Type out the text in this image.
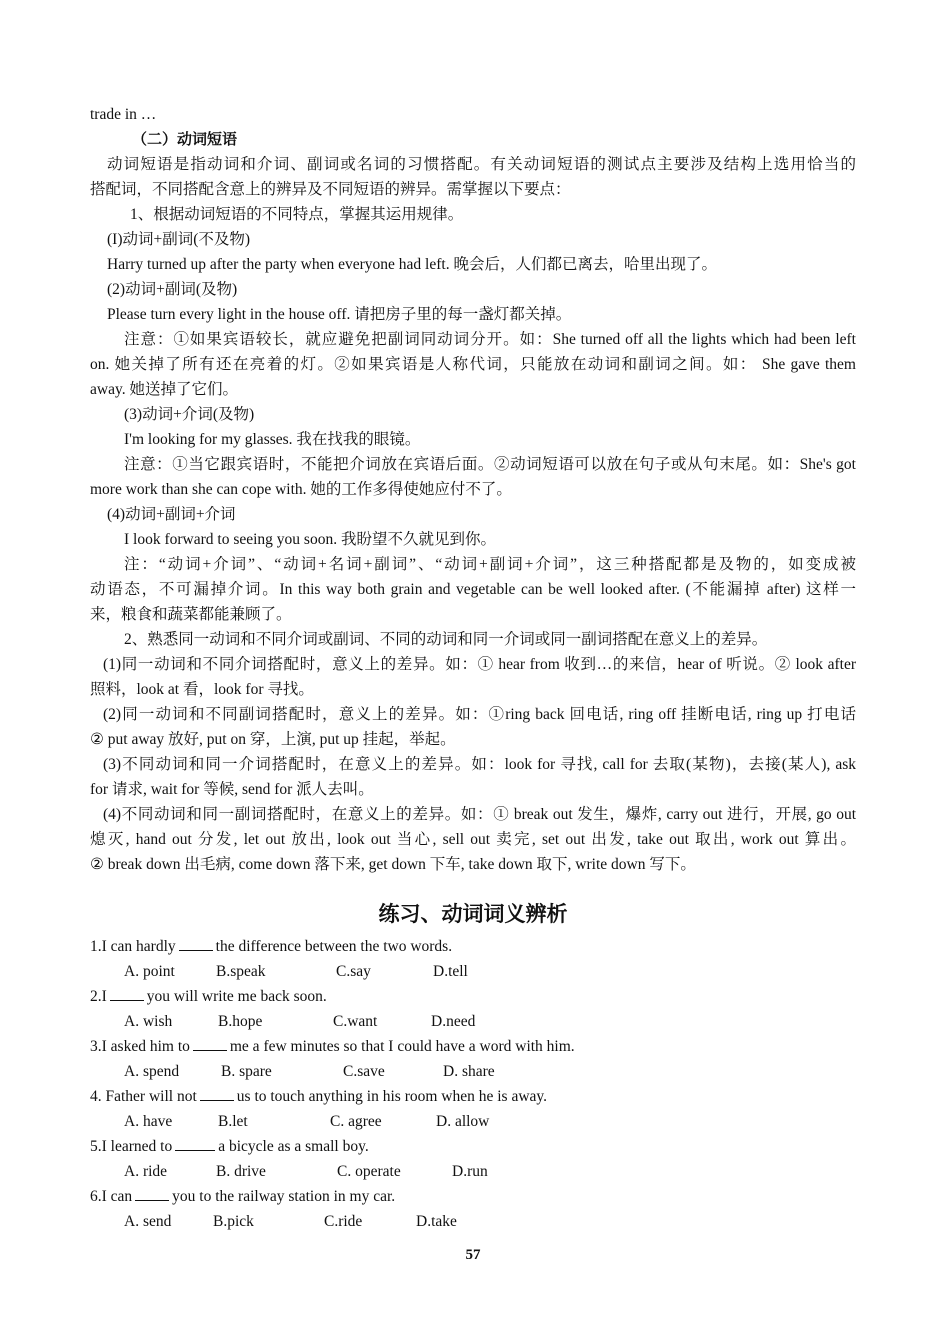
trade in …
（二）动词短语
动词短语是指动词和介词、副词或名词的习惯搭配。有关动词短语的测试点主要涉及结构上选用恰当的
搭配词，不同搭配含意上的辨异及不同短语的辨异。需掌握以下要点：
1、根据动词短语的不同特点，掌握其运用规律。
(I)动词+副词(不及物)
Harry turned up after the party when everyone had left. 晚会后，人们都已离去，哈里出现了。
(2)动词+副词(及物)
Please turn every light in the house off. 请把房子里的每一盏灯都关掉。
注意：①如果宾语较长，就应避免把副词同动词分开。如：She turned off all the lights which had been left
on. 她关掉了所有还在亮着的灯。②如果宾语是人称代词，只能放在动词和副词之间。如： She gave them
away. 她送掉了它们。
(3)动词+介词(及物)
I'm looking for my glasses. 我在找我的眼镜。
注意：①当它跟宾语时，不能把介词放在宾语后面。②动词短语可以放在句子或从句末尾。如：She's got
more work than she can cope with. 她的工作多得使她应付不了。
(4)动词+副词+介词
I look forward to seeing you soon. 我盼望不久就见到你。
注：“动词+介词”、“动词+名词+副词”、“动词+副词+介词”，这三种搭配都是及物的，如变成被
动语态，不可漏掉介词。In this way both grain and vegetable can be well looked after. (不能漏掉 after) 这样一
来，粮食和蔬菜都能兼顾了。
2、熟悉同一动词和不同介词或副词、不同的动词和同一介词或同一副词搭配在意义上的差异。
(1)同一动词和不同介词搭配时，意义上的差异。如：① hear from 收到…的来信，hear of 听说。② look after
照料，look at 看，look for 寻找。
(2)同一动词和不同副词搭配时，意义上的差异。如：①ring back 回电话, ring off 挂断电话, ring up 打电话
② put away 放好, put on 穿，上演, put up 挂起，举起。
(3)不同动词和同一介词搭配时，在意义上的差异。如：look for 寻找, call for 去取(某物)，去接(某人), ask
for 请求, wait for 等候, send for 派人去叫。
(4)不同动词和同一副词搭配时，在意义上的差异。如：① break out 发生，爆炸, carry out 进行，开展, go out
熄灭, hand out 分发, let out 放出, look out 当心, sell out 卖完, set out 出发, take out 取出, work out 算出。
② break down 出毛病, come down 落下来, get down 下车, take down 取下, write down 写下。
练习、动词词义辨析
1.I can hardly	the difference between the two words.
A. point	B.speak	C.say	D.tell
2.I	you will write me back soon.
A. wish	B.hope	C.want	D.need
3.I asked him to	me a few minutes so that I could have a word with him.
A. spend	B. spare	C.save	D. share
4. Father will not	us to touch anything in his room when he is away.
A. have	B.let	C. agree	D. allow
5.I learned to	a bicycle as a small boy.
A. ride	B. drive	C. operate	D.run
6.I can	you to the railway station in my car.
A. send	B.pick	C.ride	D.take
57
